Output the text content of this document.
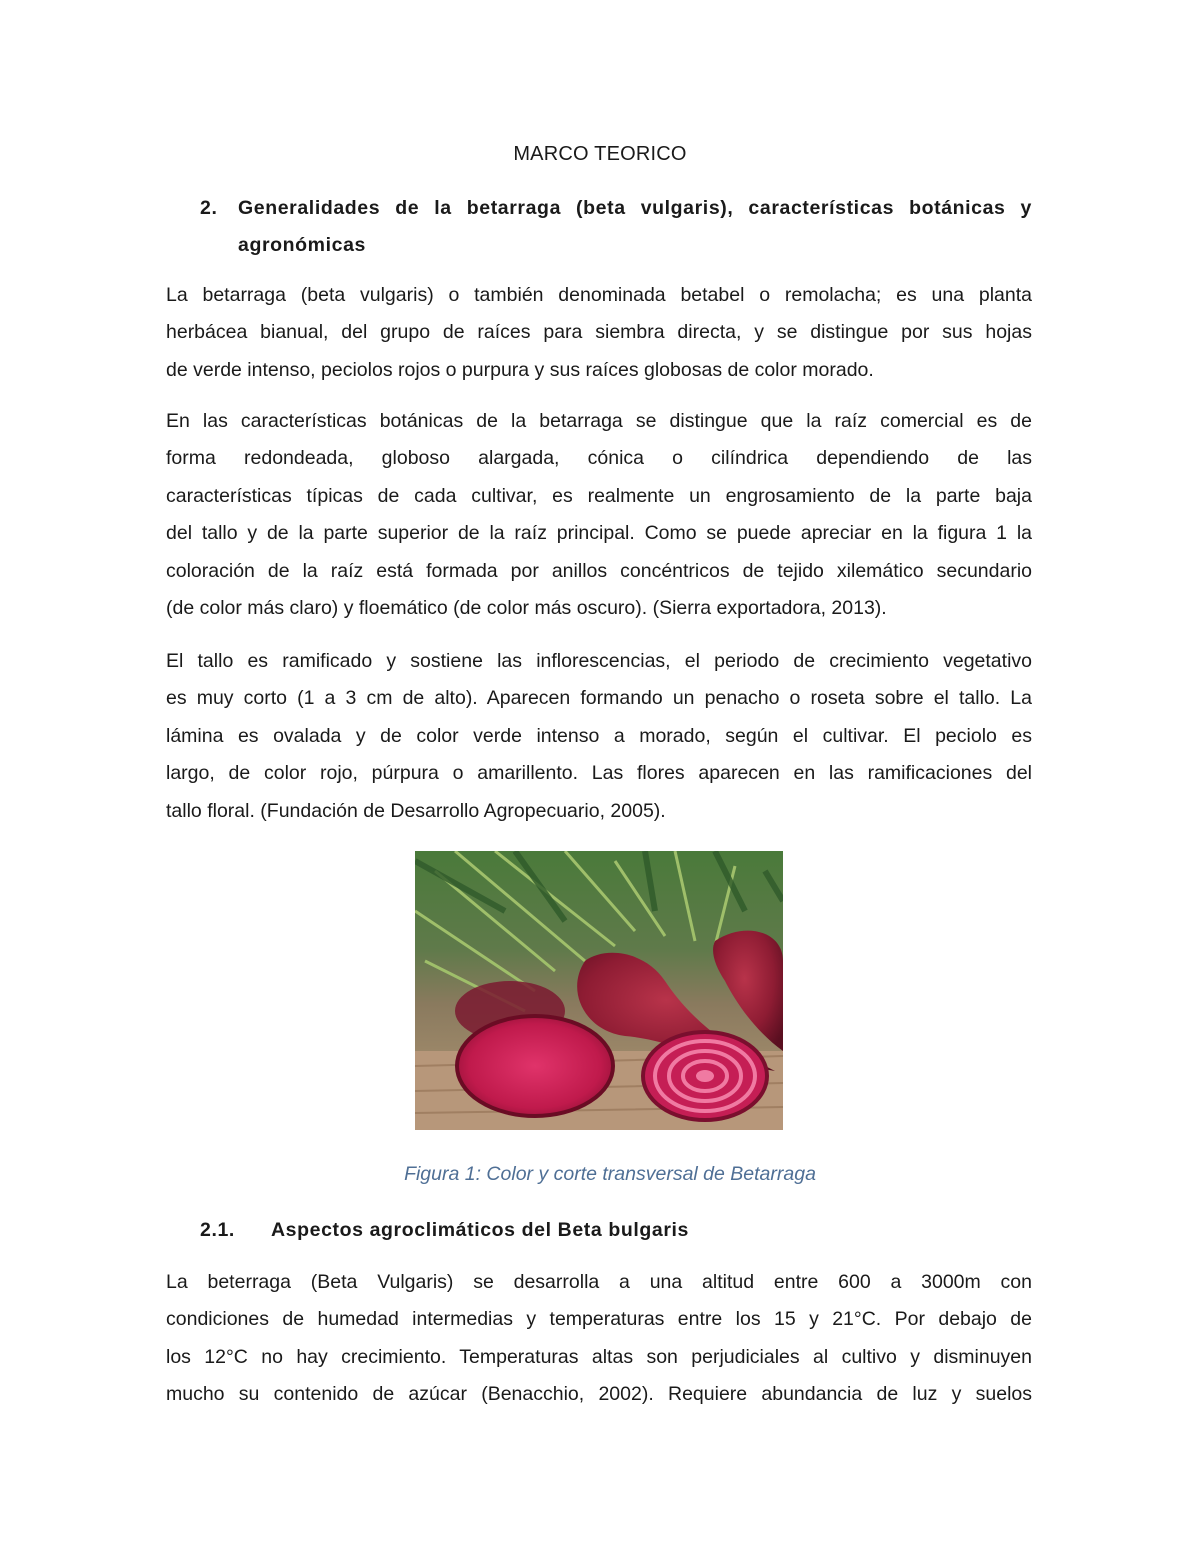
MARCO TEORICO
2. Generalidades de la betarraga (beta vulgaris), características botánicas y
agronómicas
La betarraga (beta vulgaris) o también denominada betabel o remolacha; es una planta
herbácea bianual, del grupo de raíces para siembra directa, y se distingue por sus hojas
de verde intenso, peciolos rojos o purpura y sus raíces globosas de color morado.
En las características botánicas de la betarraga se distingue que la raíz comercial es de
forma redondeada, globoso alargada, cónica o cilíndrica dependiendo de las
características típicas de cada cultivar, es realmente un engrosamiento de la parte baja
del tallo y de la parte superior de la raíz principal. Como se puede apreciar en la figura 1 la
coloración de la raíz está formada por anillos concéntricos de tejido xilemático secundario
(de color más claro) y floemático (de color más oscuro). (Sierra exportadora, 2013).
El tallo es ramificado y sostiene las inflorescencias, el periodo de crecimiento vegetativo
es muy corto (1 a 3 cm de alto). Aparecen formando un penacho o roseta sobre el tallo. La
lámina es ovalada y de color verde intenso a morado, según el cultivar. El peciolo es
largo, de color rojo, púrpura o amarillento. Las flores aparecen en las ramificaciones del
tallo floral. (Fundación de Desarrollo Agropecuario, 2005).
Figura 1: Color y corte transversal de Betarraga
2.1. Aspectos agroclimáticos del Beta bulgaris
La beterraga (Beta Vulgaris) se desarrolla a una altitud entre 600 a 3000m con
condiciones de humedad intermedias y temperaturas entre los 15 y 21°C. Por debajo de
los 12°C no hay crecimiento. Temperaturas altas son perjudiciales al cultivo y disminuyen
mucho su contenido de azúcar (Benacchio, 2002). Requiere abundancia de luz y suelos
